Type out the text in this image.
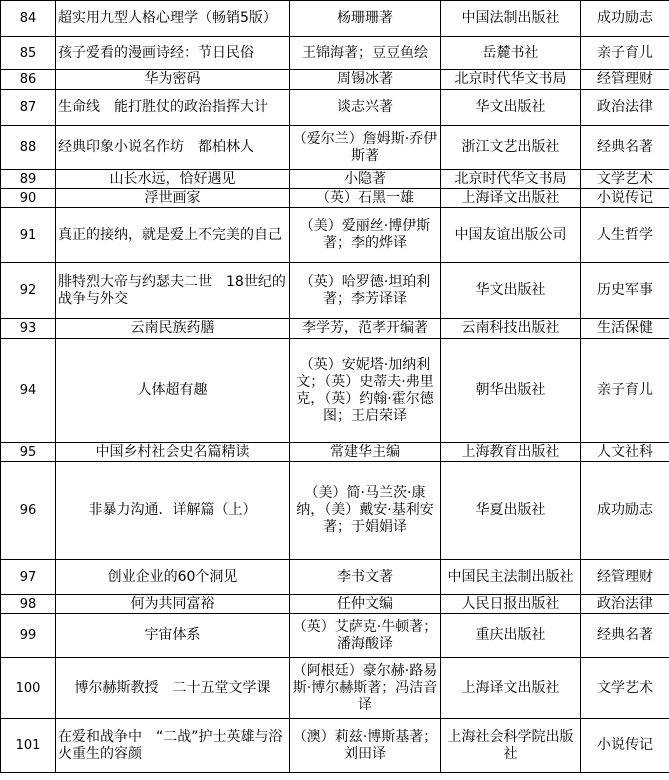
84	超实用九型人格心理学（畅销5版）	杨珊珊著	中国法制出版社	成功励志
85	孩子爱看的漫画诗经：节日民俗	王锦海著；豆豆鱼绘	岳麓书社	亲子育儿
86	华为密码	周锡冰著	北京时代华文书局	经管理财
87	生命线　能打胜仗的政治指挥大计	谈志兴著	华文出版社	政治法律
88	经典印象小说名作坊　都柏林人	（爱尔兰）詹姆斯·乔伊斯著	浙江文艺出版社	经典名著
89	山长水远，恰好遇见	小隐著	北京时代华文书局	文学艺术
90	浮世画家	（英）石黑一雄	上海译文出版社	小说传记
91	真正的接纳，就是爱上不完美的自己	（美）爱丽丝·博伊斯著；李的烨译	中国友谊出版公司	人生哲学
92	腓特烈大帝与约瑟夫二世　18世纪的战争与外交	（英）哈罗德·坦珀利著；李芳译译	华文出版社	历史军事
93	云南民族药膳	李学芳，范孝开编著	云南科技出版社	生活保健
94	人体超有趣	（英）安妮塔·加纳利文；（英）史蒂夫·弗里克，（英）约翰·霍尔德图；王启荣译	朝华出版社	亲子育儿
95	中国乡村社会史名篇精读	常建华主编	上海教育出版社	人文社科
96	非暴力沟通．详解篇（上）	（美）简·马兰茨·康纳，（美）戴安·基利安著；于娟娟译	华夏出版社	成功励志
97	创业企业的60个洞见	李书文著	中国民主法制出版社	经管理财
98	何为共同富裕	任仲文编	人民日报出版社	政治法律
99	宇宙体系	（英）艾萨克·牛顿著；潘海酸译	重庆出版社	经典名著
100	博尔赫斯教授　二十五堂文学课	（阿根廷）豪尔赫·路易斯·博尔赫斯著；冯洁音译	上海译文出版社	文学艺术
101	在爱和战争中　“二战”护士英雄与浴火重生的容颜	（澳）莉兹·博斯基著；刘田译	上海社会科学院出版社	小说传记
